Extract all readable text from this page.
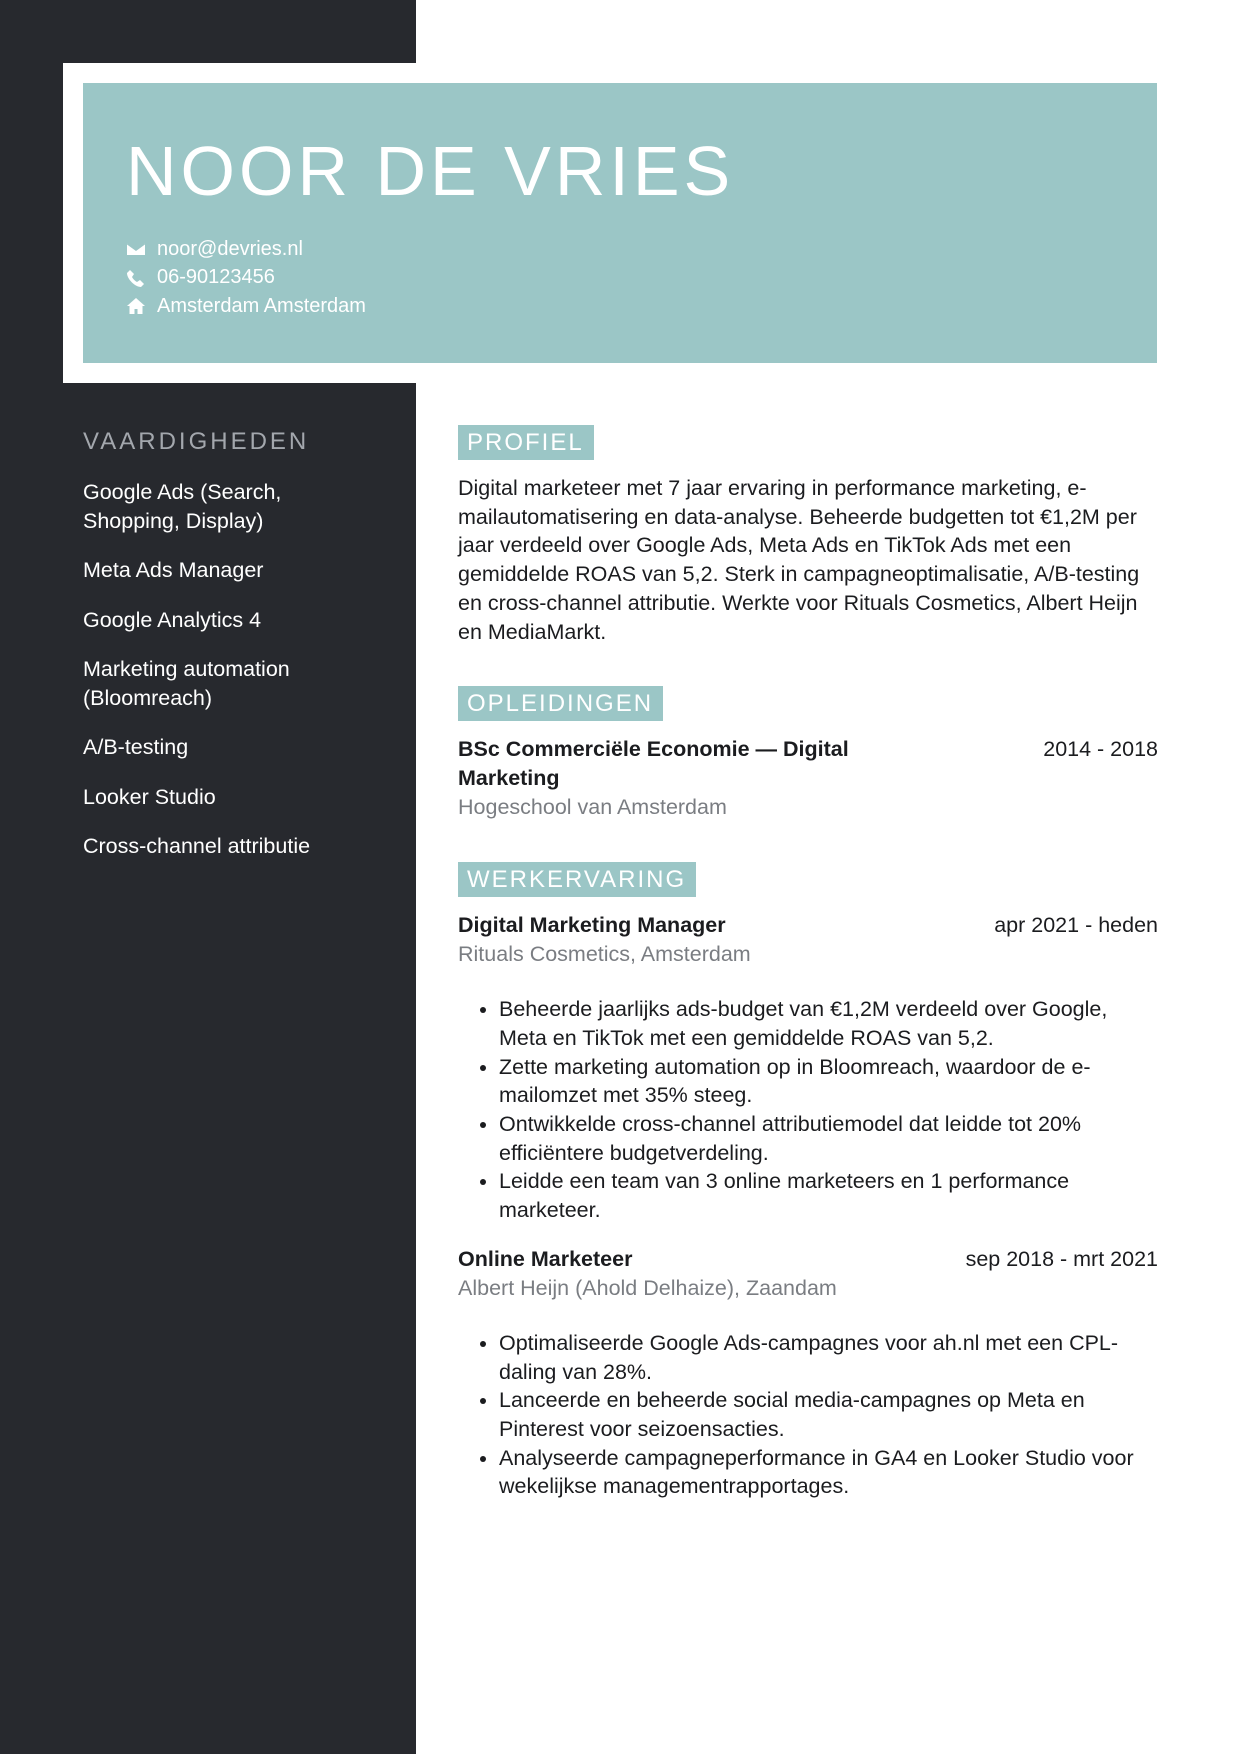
NOOR DE VRIES
noor@devries.nl
06-90123456
Amsterdam Amsterdam
VAARDIGHEDEN
Google Ads (Search, Shopping, Display)
Meta Ads Manager
Google Analytics 4
Marketing automation (Bloomreach)
A/B-testing
Looker Studio
Cross-channel attributie
PROFIEL

Digital marketeer met 7 jaar ervaring in performance marketing, e-mailautomatisering en data-analyse. Beheerde budgetten tot €1,2M per jaar verdeeld over Google Ads, Meta Ads en TikTok Ads met een gemiddelde ROAS van 5,2. Sterk in campagneoptimalisatie, A/B-testing en cross-channel attributie. Werkte voor Rituals Cosmetics, Albert Heijn en MediaMarkt.

OPLEIDINGEN
BSc Commerciële Economie — Digital Marketing
2014 - 2018
Hogeschool van Amsterdam
WERKERVARING
Digital Marketing Manager	apr 2021 - heden
Rituals Cosmetics, Amsterdam
• Beheerde jaarlijks ads-budget van €1,2M verdeeld over Google, Meta en TikTok met een gemiddelde ROAS van 5,2.
• Zette marketing automation op in Bloomreach, waardoor de e-mailomzet met 35% steeg.
• Ontwikkelde cross-channel attributiemodel dat leidde tot 20% efficiëntere budgetverdeling.
• Leidde een team van 3 online marketeers en 1 performance marketeer.
Online Marketeer	sep 2018 - mrt 2021
Albert Heijn (Ahold Delhaize), Zaandam
• Optimaliseerde Google Ads-campagnes voor ah.nl met een CPL-daling van 28%.
• Lanceerde en beheerde social media-campagnes op Meta en Pinterest voor seizoensacties.
• Analyseerde campagneperformance in GA4 en Looker Studio voor wekelijkse managementrapportages.
